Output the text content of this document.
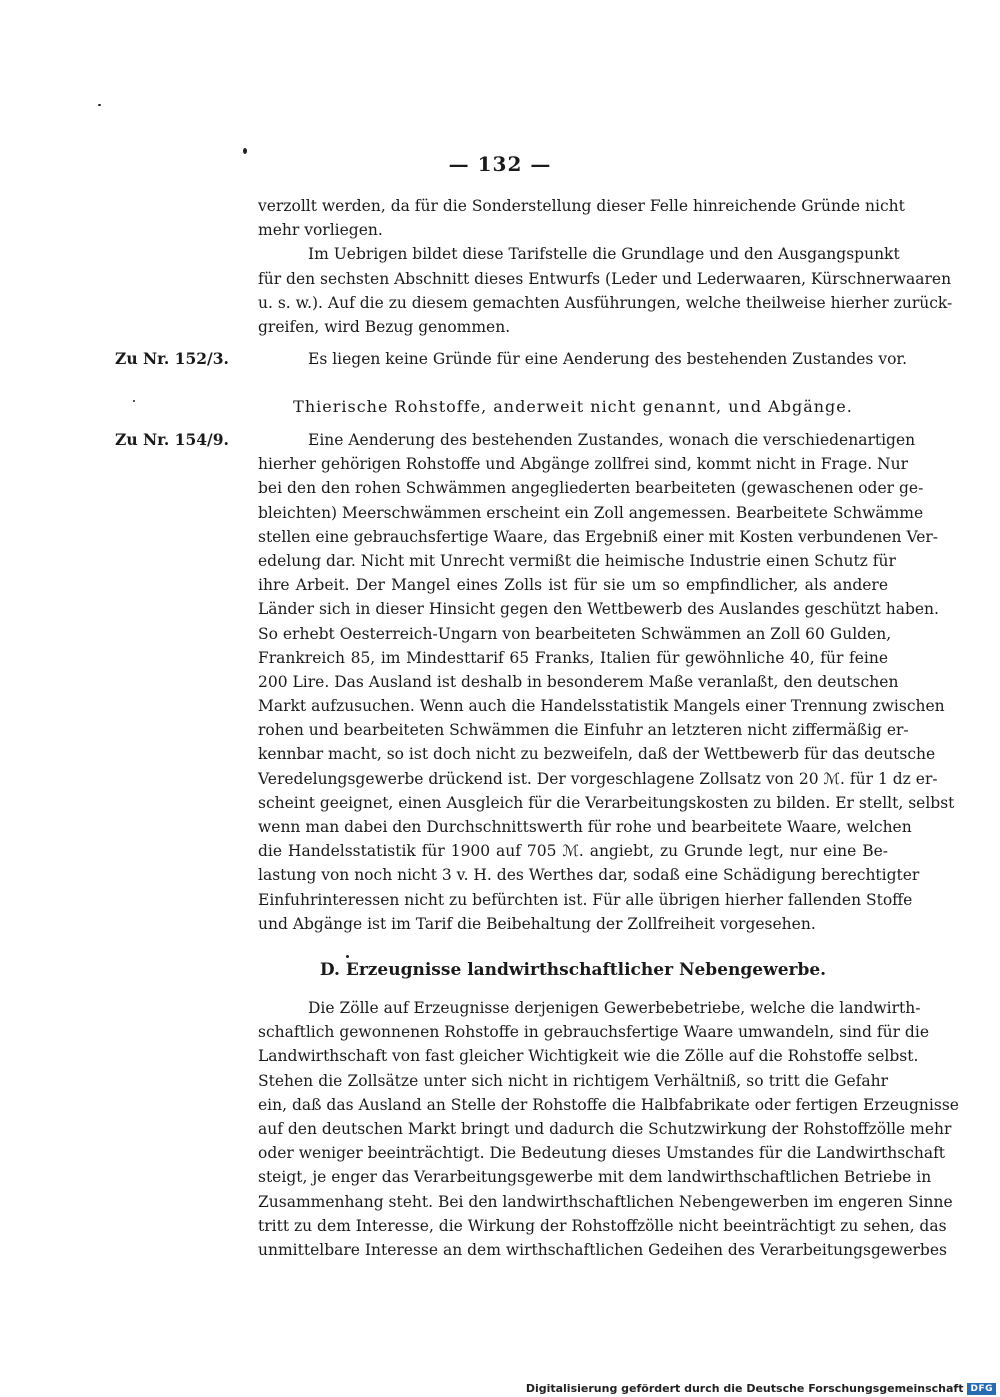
— 132 —
verzollt werden, da für die Sonderstellung dieser Felle hinreichende Gründe nicht
mehr vorliegen.
Im Uebrigen bildet diese Tarifstelle die Grundlage und den Ausgangspunkt
für den sechsten Abschnitt dieses Entwurfs (Leder und Lederwaaren, Kürschnerwaaren
u. s. w.). Auf die zu diesem gemachten Ausführungen, welche theilweise hierher zurück-
greifen, wird Bezug genommen.
Zu Nr. 152/3.	Es liegen keine Gründe für eine Aenderung des bestehenden Zustandes vor.
Thierische Rohstoffe, anderweit nicht genannt, und Abgänge.
Zu Nr. 154/9.	Eine Aenderung des bestehenden Zustandes, wonach die verschiedenartigen
hierher gehörigen Rohstoffe und Abgänge zollfrei sind, kommt nicht in Frage. Nur
bei den den rohen Schwämmen angegliederten bearbeiteten (gewaschenen oder ge-
bleichten) Meerschwämmen erscheint ein Zoll angemessen. Bearbeitete Schwämme
stellen eine gebrauchsfertige Waare, das Ergebniß einer mit Kosten verbundenen Ver-
edelung dar. Nicht mit Unrecht vermißt die heimische Industrie einen Schutz für
ihre Arbeit. Der Mangel eines Zolls ist für sie um so empfindlicher, als andere
Länder sich in dieser Hinsicht gegen den Wettbewerb des Auslandes geschützt haben.
So erhebt Oesterreich-Ungarn von bearbeiteten Schwämmen an Zoll 60 Gulden,
Frankreich 85, im Mindesttarif 65 Franks, Italien für gewöhnliche 40, für feine
200 Lire. Das Ausland ist deshalb in besonderem Maße veranlaßt, den deutschen
Markt aufzusuchen. Wenn auch die Handelsstatistik Mangels einer Trennung zwischen
rohen und bearbeiteten Schwämmen die Einfuhr an letzteren nicht ziffermäßig er-
kennbar macht, so ist doch nicht zu bezweifeln, daß der Wettbewerb für das deutsche
Veredelungsgewerbe drückend ist. Der vorgeschlagene Zollsatz von 20 ℳ. für 1 dz er-
scheint geeignet, einen Ausgleich für die Verarbeitungskosten zu bilden. Er stellt, selbst
wenn man dabei den Durchschnittswerth für rohe und bearbeitete Waare, welchen
die Handelsstatistik für 1900 auf 705 ℳ. angiebt, zu Grunde legt, nur eine Be-
lastung von noch nicht 3 v. H. des Werthes dar, sodaß eine Schädigung berechtigter
Einfuhrinteressen nicht zu befürchten ist. Für alle übrigen hierher fallenden Stoffe
und Abgänge ist im Tarif die Beibehaltung der Zollfreiheit vorgesehen.
D. Erzeugnisse landwirthschaftlicher Nebengewerbe.
Die Zölle auf Erzeugnisse derjenigen Gewerbebetriebe, welche die landwirth-
schaftlich gewonnenen Rohstoffe in gebrauchsfertige Waare umwandeln, sind für die
Landwirthschaft von fast gleicher Wichtigkeit wie die Zölle auf die Rohstoffe selbst.
Stehen die Zollsätze unter sich nicht in richtigem Verhältniß, so tritt die Gefahr
ein, daß das Ausland an Stelle der Rohstoffe die Halbfabrikate oder fertigen Erzeugnisse
auf den deutschen Markt bringt und dadurch die Schutzwirkung der Rohstoffzölle mehr
oder weniger beeinträchtigt. Die Bedeutung dieses Umstandes für die Landwirthschaft
steigt, je enger das Verarbeitungsgewerbe mit dem landwirthschaftlichen Betriebe in
Zusammenhang steht. Bei den landwirthschaftlichen Nebengewerben im engeren Sinne
tritt zu dem Interesse, die Wirkung der Rohstoffzölle nicht beeinträchtigt zu sehen, das
unmittelbare Interesse an dem wirthschaftlichen Gedeihen des Verarbeitungsgewerbes
Digitalisierung gefördert durch die Deutsche Forschungsgemeinschaft DFG
